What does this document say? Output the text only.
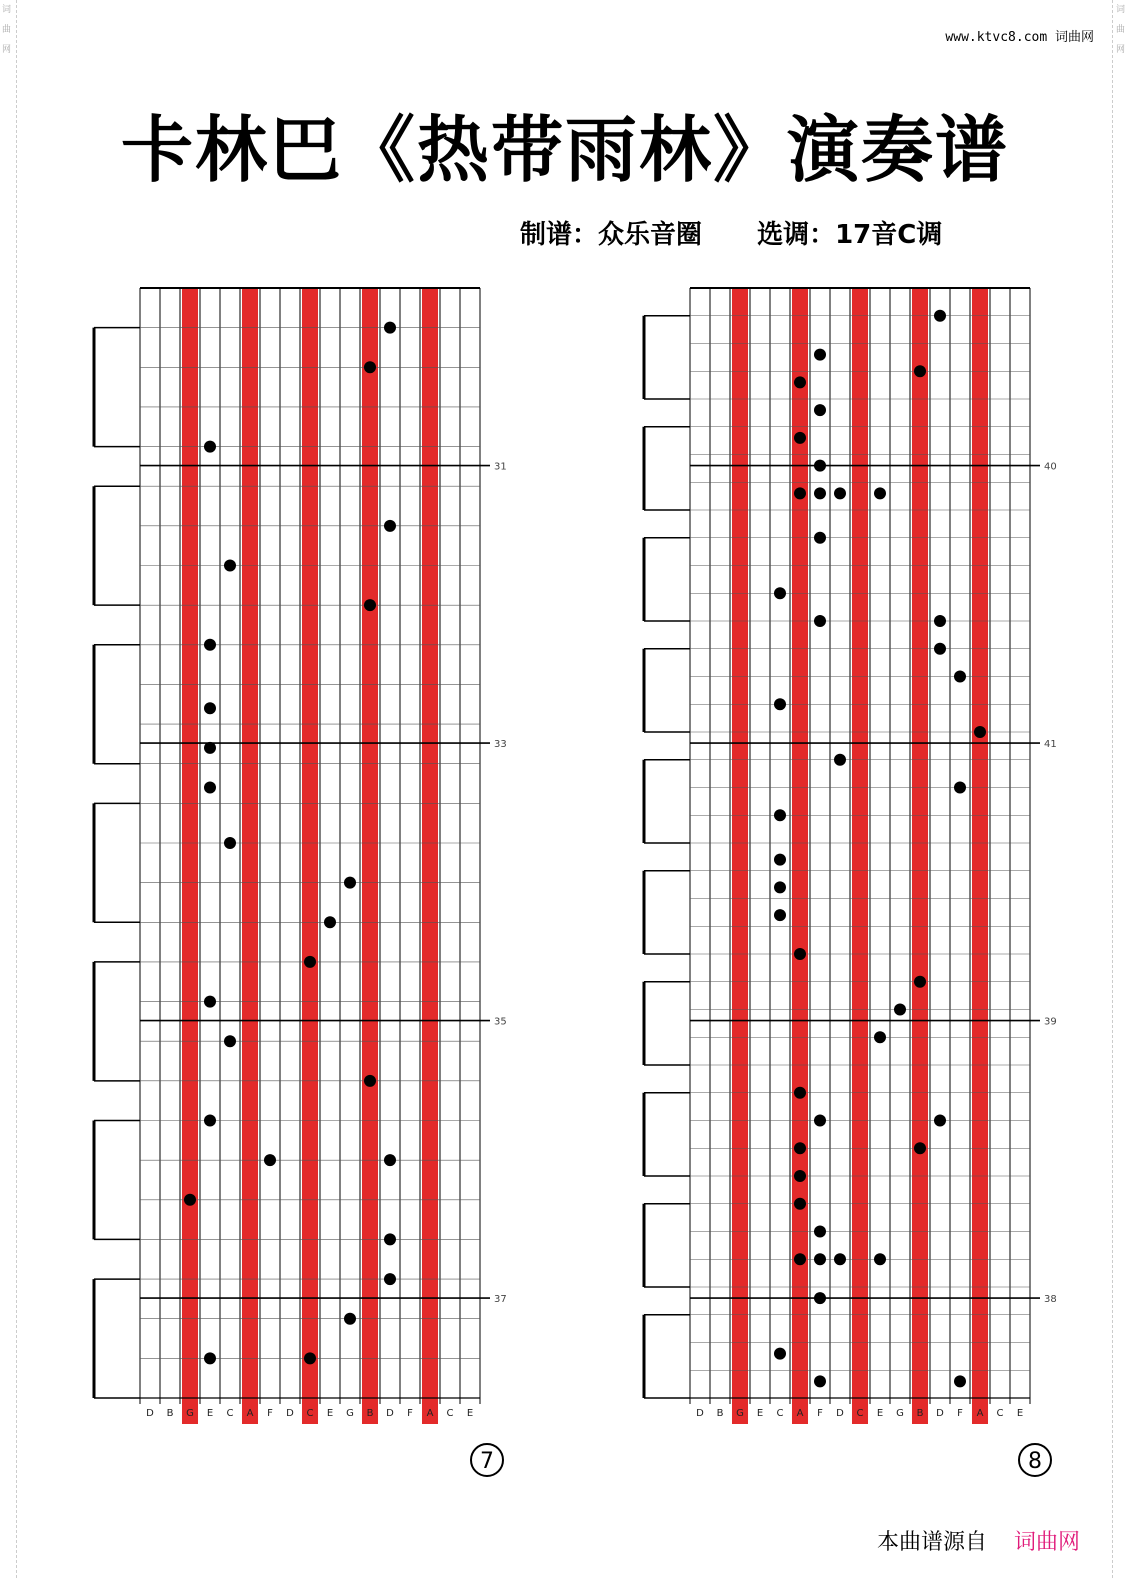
词曲网
词曲网
www.ktvc8.com 词曲网
卡林巴《热带雨林》演奏谱
制谱：众乐音圈 选调：17音C调
31
33
35
37
D B G E C A F D C E G B D F A C E
7
40
41
39
38
D B G E C A F D C E G B D F A C E
8
本曲谱源自 词曲网
